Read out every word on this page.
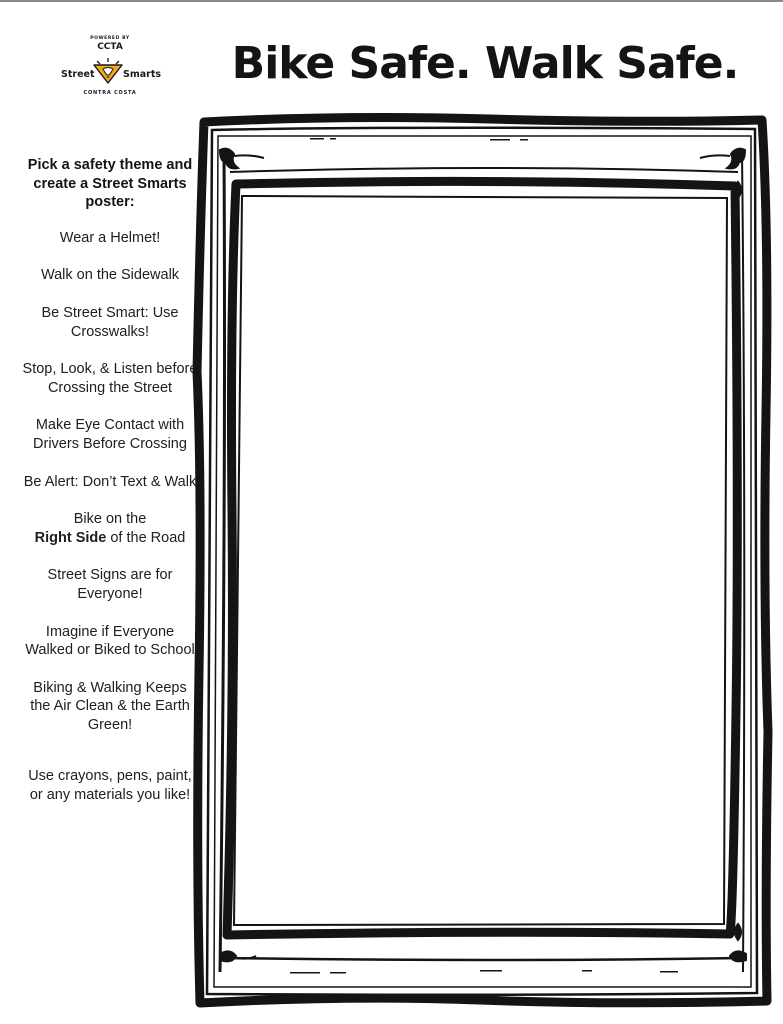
POWERED BY
CCTA
Street	Smarts
CONTRA COSTA
Bike Safe. Walk Safe.
Pick a safety theme and create a Street Smarts poster:
Wear a Helmet!
Walk on the Sidewalk
Be Street Smart: Use Crosswalks!
Stop, Look, & Listen before Crossing the Street
Make Eye Contact with Drivers Before Crossing
Be Alert: Don’t Text & Walk
Bike on the
Right Side of the Road
Street Signs are for Everyone!
Imagine if Everyone Walked or Biked to School
Biking & Walking Keeps the Air Clean & the Earth Green!
Use crayons, pens, paint, or any materials you like!
